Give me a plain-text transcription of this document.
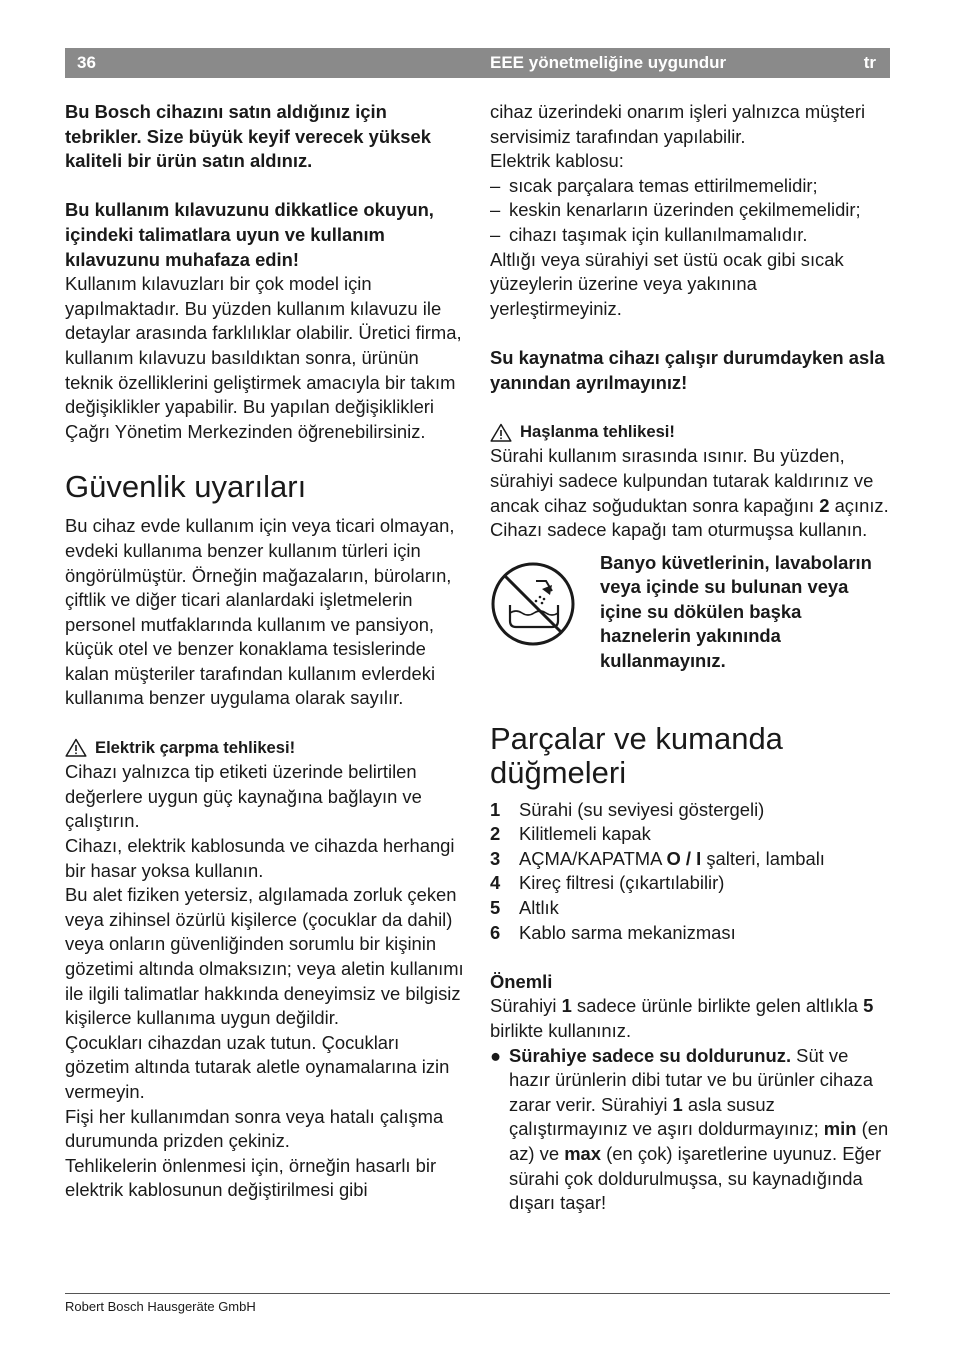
36	EEE yönetmeliğine uygundur	tr

Bu Bosch cihazını satın aldığınız için tebrikler. Size büyük keyif verecek yüksek kaliteli bir ürün satın aldınız.

Bu kullanım kılavuzunu dikkatlice okuyun, içindeki talimatlara uyun ve kullanım kılavuzunu muhafaza edin!

Kullanım kılavuzları bir çok model için yapılmaktadır. Bu yüzden kullanım kılavuzu ile detaylar arasında farklılıklar olabilir. Üretici firma, kullanım kılavuzu basıldıktan sonra, ürünün teknik özelliklerini geliştirmek amacıyla bir takım değişiklikler yapabilir. Bu yapılan değişiklikleri Çağrı Yönetim Merkezinden öğrenebilirsiniz.

Güvenlik uyarıları

Bu cihaz evde kullanım için veya ticari olmayan, evdeki kullanıma benzer kullanım türleri için öngörülmüştür. Örneğin mağazaların, büroların, çiftlik ve diğer ticari alanlardaki işletmelerin personel mutfaklarında kullanım ve pansiyon, küçük otel ve benzer konaklama tesislerinde kalan müşteriler tarafından kullanım evlerdeki kullanıma benzer uygulama olarak sayılır.

Elektrik çarpma tehlikesi!

Cihazı yalnızca tip etiketi üzerinde belirtilen değerlere uygun güç kaynağına bağlayın ve çalıştırın.

Cihazı, elektrik kablosunda ve cihazda herhangi bir hasar yoksa kullanın.

Bu alet fiziken yetersiz, algılamada zorluk çeken veya zihinsel özürlü kişilerce (çocuklar da dahil) veya onların güvenliğinden sorumlu bir kişinin gözetimi altında olmaksızın; veya aletin kullanımı ile ilgili talimatlar hakkında deneyimsiz ve bilgisiz kişilerce kullanıma uygun değildir.

Çocukları cihazdan uzak tutun. Çocukları gözetim altında tutarak aletle oynamalarına izin vermeyin.

Fişi her kullanımdan sonra veya hatalı çalışma durumunda prizden çekiniz.

Tehlikelerin önlenmesi için, örneğin hasarlı bir elektrik kablosunun değiştirilmesi gibi

cihaz üzerindeki onarım işleri yalnızca müşteri servisimiz tarafından yapılabilir.

Elektrik kablosu:

– sıcak parçalara temas ettirilmemelidir;
– keskin kenarların üzerinden çekilmemelidir;
– cihazı taşımak için kullanılmamalıdır.

Altlığı veya sürahiyi set üstü ocak gibi sıcak yüzeylerin üzerine veya yakınına yerleştirmeyiniz.

Su kaynatma cihazı çalışır durumdayken asla yanından ayrılmayınız!

Haşlanma tehlikesi!

Sürahi kullanım sırasında ısınır. Bu yüzden, sürahiyi sadece kulpundan tutarak kaldırınız ve ancak cihaz soğuduktan sonra kapağını 2 açınız.

Cihazı sadece kapağı tam oturmuşsa kullanın.

Banyo küvetlerinin, lavaboların veya içinde su bulunan veya içine su dökülen başka haznelerin yakınında kullanmayınız.
Parçalar ve kumanda düğmeleri
1	Sürahi (su seviyesi göstergeli)
2	Kilitlemeli kapak
3	AÇMA/KAPATMA O / I şalteri, lambalı
4	Kireç filtresi (çıkartılabilir)
5	Altlık
6	Kablo sarma mekanizması

Önemli

Sürahiyi 1 sadece ürünle birlikte gelen altlıkla 5 birlikte kullanınız.

● Sürahiye sadece su doldurunuz. Süt ve hazır ürünlerin dibi tutar ve bu ürünler cihaza zarar verir. Sürahiyi 1 asla susuz çalıştırmayınız ve aşırı doldurmayınız; min (en az) ve max (en çok) işaretlerine uyunuz. Eğer sürahi çok doldurulmuşsa, su kaynadığında dışarı taşar!
Robert Bosch Hausgeräte GmbH
